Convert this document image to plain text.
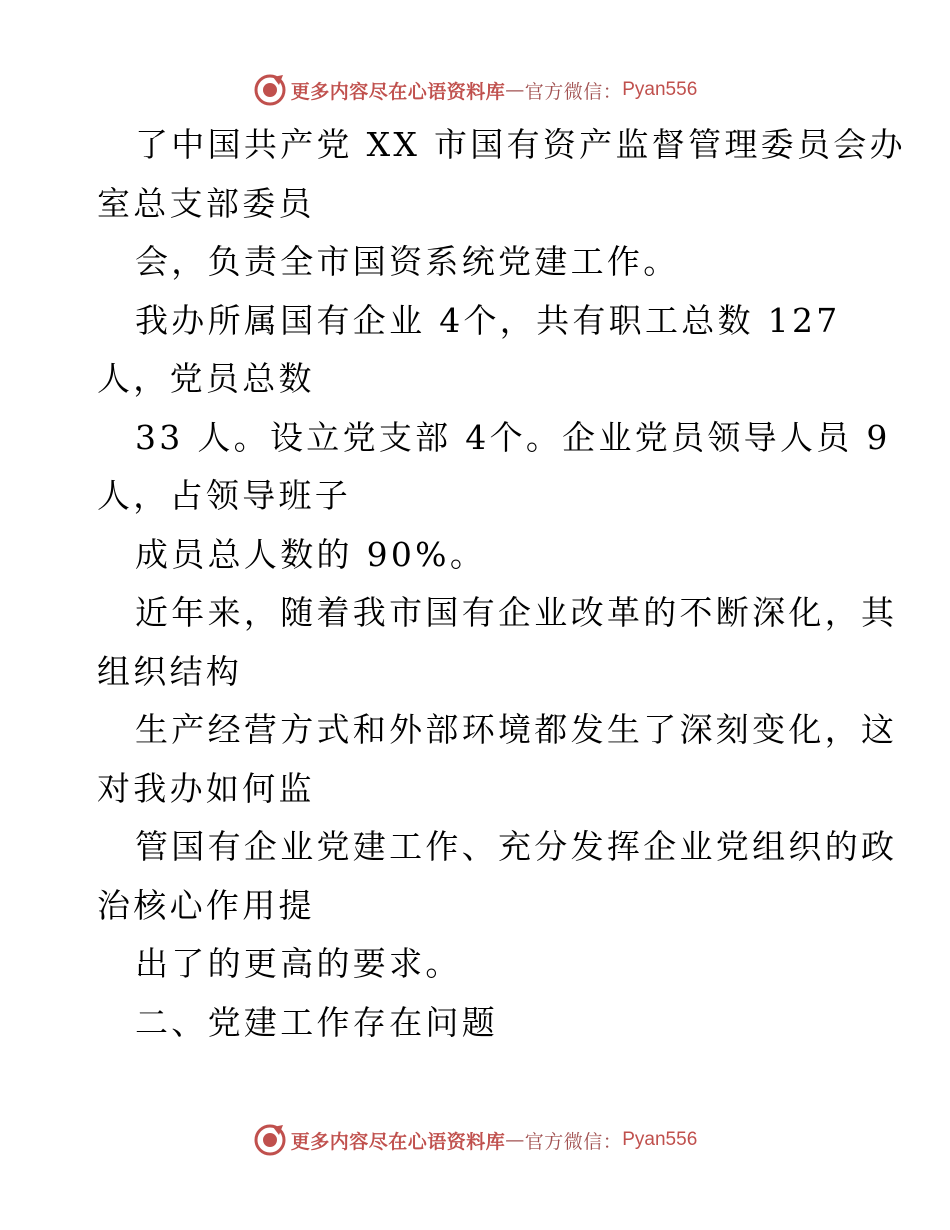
更多内容尽在心语资料库 — 官方微信： Pyan556
了中国共产党 XX 市国有资产监督管理委员会办
室总支部委员
会，负责全市国资系统党建工作。
我办所属国有企业 4个，共有职工总数 127
人，党员总数
33 人。设立党支部 4个。企业党员领导人员 9
人，占领导班子
成员总人数的 90%。
近年来，随着我市国有企业改革的不断深化，其
组织结构
生产经营方式和外部环境都发生了深刻变化，这
对我办如何监
管国有企业党建工作、充分发挥企业党组织的政
治核心作用提
出了的更高的要求。
二、党建工作存在问题
更多内容尽在心语资料库 — 官方微信： Pyan556
